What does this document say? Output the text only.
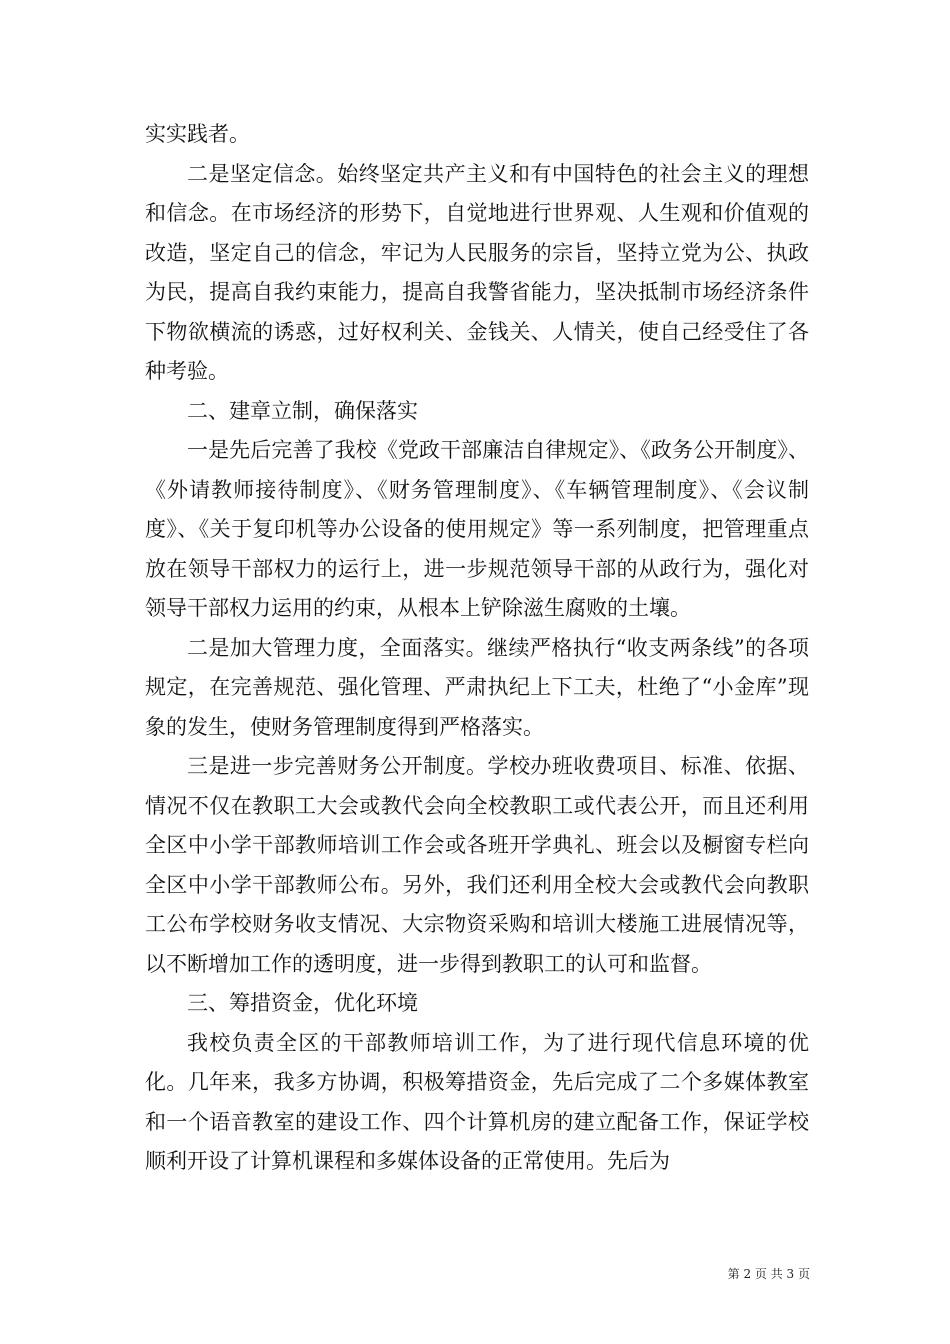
实实践者。

二是坚定信念。始终坚定共产主义和有中国特色的社会主义的理想和信念。在市场经济的形势下，自觉地进行世界观、人生观和价值观的改造，坚定自己的信念，牢记为人民服务的宗旨，坚持立党为公、执政为民，提高自我约束能力，提高自我警省能力，坚决抵制市场经济条件下物欲横流的诱惑，过好权利关、金钱关、人情关，使自己经受住了各种考验。

二、建章立制，确保落实

一是先后完善了我校《党政干部廉洁自律规定》、《政务公开制度》、《外请教师接待制度》、《财务管理制度》、《车辆管理制度》、《会议制度》、《关于复印机等办公设备的使用规定》等一系列制度，把管理重点放在领导干部权力的运行上，进一步规范领导干部的从政行为，强化对领导干部权力运用的约束，从根本上铲除滋生腐败的土壤。

二是加大管理力度，全面落实。继续严格执行“收支两条线”的各项规定，在完善规范、强化管理、严肃执纪上下工夫，杜绝了“小金库”现象的发生，使财务管理制度得到严格落实。

三是进一步完善财务公开制度。学校办班收费项目、标准、依据、情况不仅在教职工大会或教代会向全校教职工或代表公开，而且还利用全区中小学干部教师培训工作会或各班开学典礼、班会以及橱窗专栏向全区中小学干部教师公布。另外，我们还利用全校大会或教代会向教职工公布学校财务收支情况、大宗物资采购和培训大楼施工进展情况等，以不断增加工作的透明度，进一步得到教职工的认可和监督。

三、筹措资金，优化环境

我校负责全区的干部教师培训工作，为了进行现代信息环境的优化。几年来，我多方协调，积极筹措资金，先后完成了二个多媒体教室和一个语音教室的建设工作、四个计算机房的建立配备工作，保证学校顺利开设了计算机课程和多媒体设备的正常使用。先后为

第 2 页 共 3 页
